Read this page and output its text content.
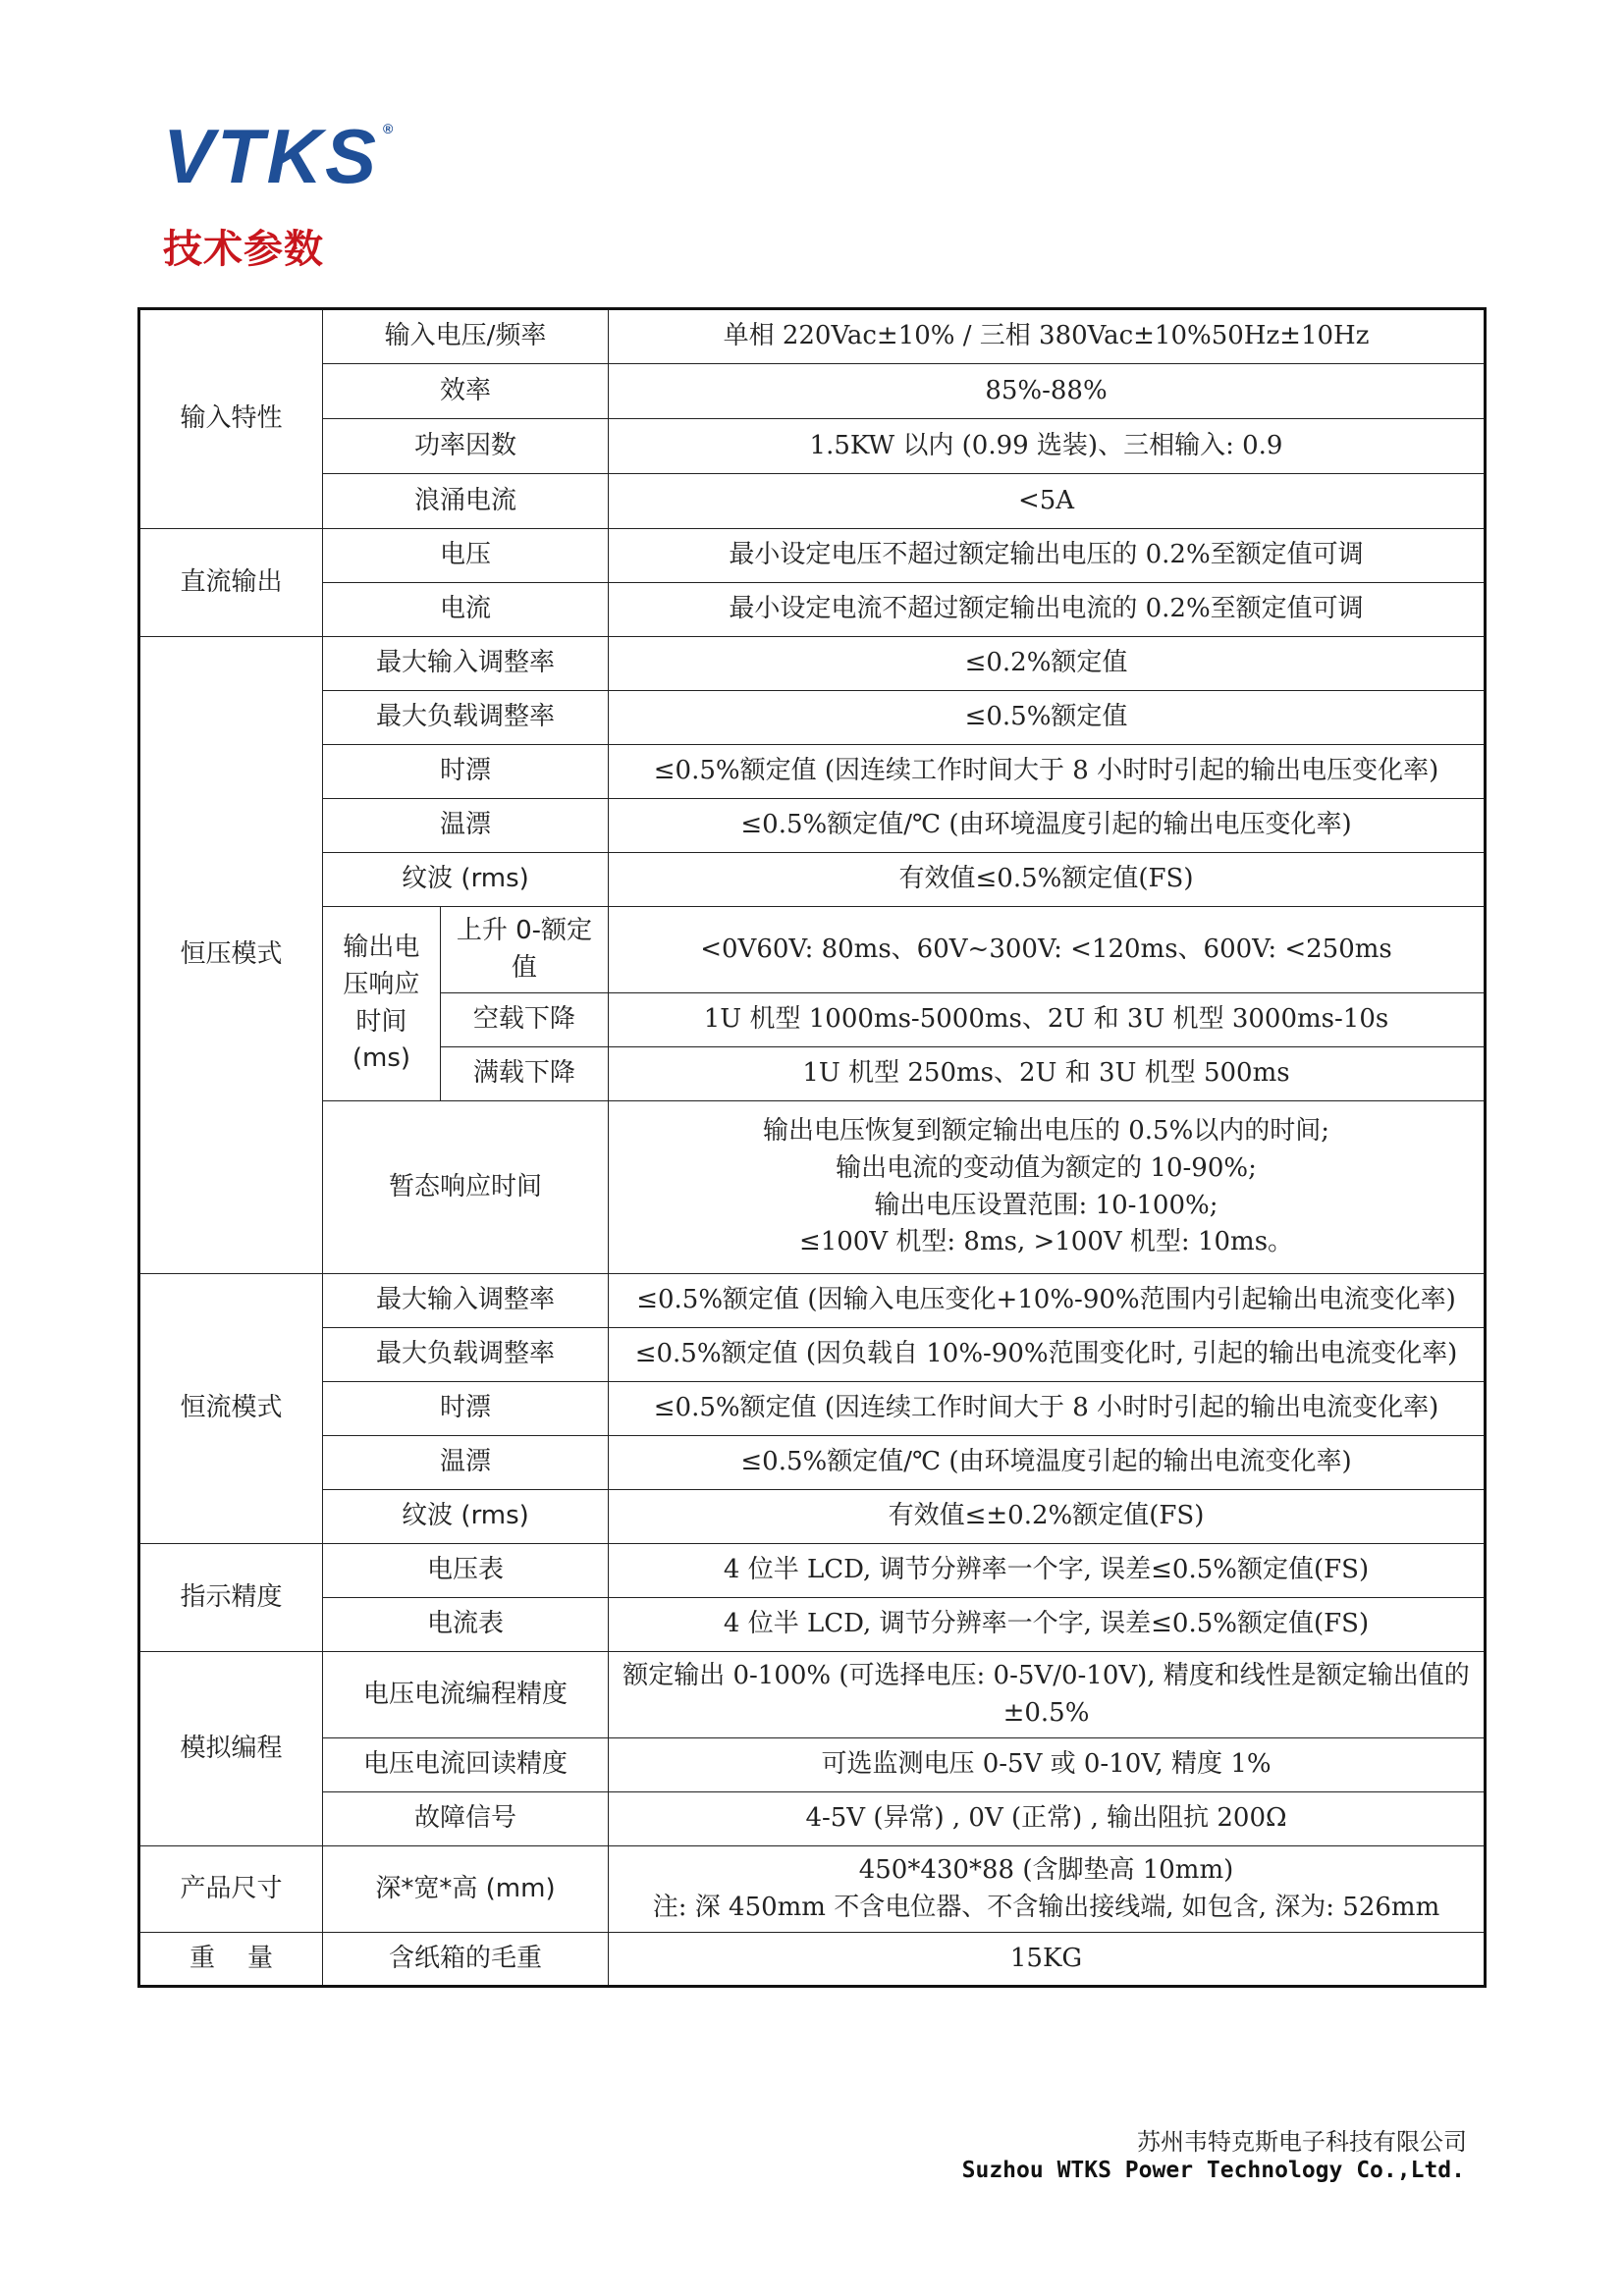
VTKS ®
技术参数
输入特性	输入电压/频率		单相 220Vac±10% / 三相 380Vac±10%50Hz±10Hz
	效率		85%-88%
	功率因数		1.5KW 以内 (0.99 选装)、三相输入: 0.9
	浪涌电流		<5A
直流输出	电压		最小设定电压不超过额定输出电压的 0.2%至额定值可调
	电流		最小设定电流不超过额定输出电流的 0.2%至额定值可调
恒压模式	最大输入调整率		≤0.2%额定值
	最大负载调整率		≤0.5%额定值
	时漂		≤0.5%额定值 (因连续工作时间大于 8 小时时引起的输出电压变化率)
	温漂		≤0.5%额定值/℃ (由环境温度引起的输出电压变化率)
	纹波 (rms)		有效值≤0.5%额定值(FS)
	输出电压响应时间(ms)	上升 0-额定值	<0V60V: 80ms、60V~300V: <120ms、600V: <250ms
		空载下降	1U 机型 1000ms-5000ms、2U 和 3U 机型 3000ms-10s
		满载下降	1U 机型 250ms、2U 和 3U 机型 500ms
	暂态响应时间		输出电压恢复到额定输出电压的 0.5%以内的时间;
输出电流的变动值为额定的 10-90%;
输出电压设置范围: 10-100%;
≤100V 机型: 8ms, >100V 机型: 10ms。

恒流模式	最大输入调整率		≤0.5%额定值 (因输入电压变化+10%-90%范围内引起输出电流变化率)
	最大负载调整率		≤0.5%额定值 (因负载自 10%-90%范围变化时, 引起的输出电流变化率)
	时漂		≤0.5%额定值 (因连续工作时间大于 8 小时时引起的输出电流变化率)
	温漂		≤0.5%额定值/℃ (由环境温度引起的输出电流变化率)
	纹波 (rms)		有效值≤±0.2%额定值(FS)
指示精度	电压表		4 位半 LCD, 调节分辨率一个字, 误差≤0.5%额定值(FS)
	电流表		4 位半 LCD, 调节分辨率一个字, 误差≤0.5%额定值(FS)
模拟编程	电压电流编程精度		额定输出 0-100% (可选择电压: 0-5V/0-10V), 精度和线性是额定输出值的±0.5%
	电压电流回读精度		可选监测电压 0-5V 或 0-10V, 精度 1%
	故障信号		4-5V (异常) , 0V (正常) , 输出阻抗 200Ω
产品尺寸	深*宽*高 (mm)		450*430*88 (含脚垫高 10mm)
注: 深 450mm 不含电位器、不含输出接线端, 如包含, 深为: 526mm

重    量	含纸箱的毛重		15KG
苏州韦特克斯电子科技有限公司
Suzhou WTKS Power Technology Co.,Ltd.
